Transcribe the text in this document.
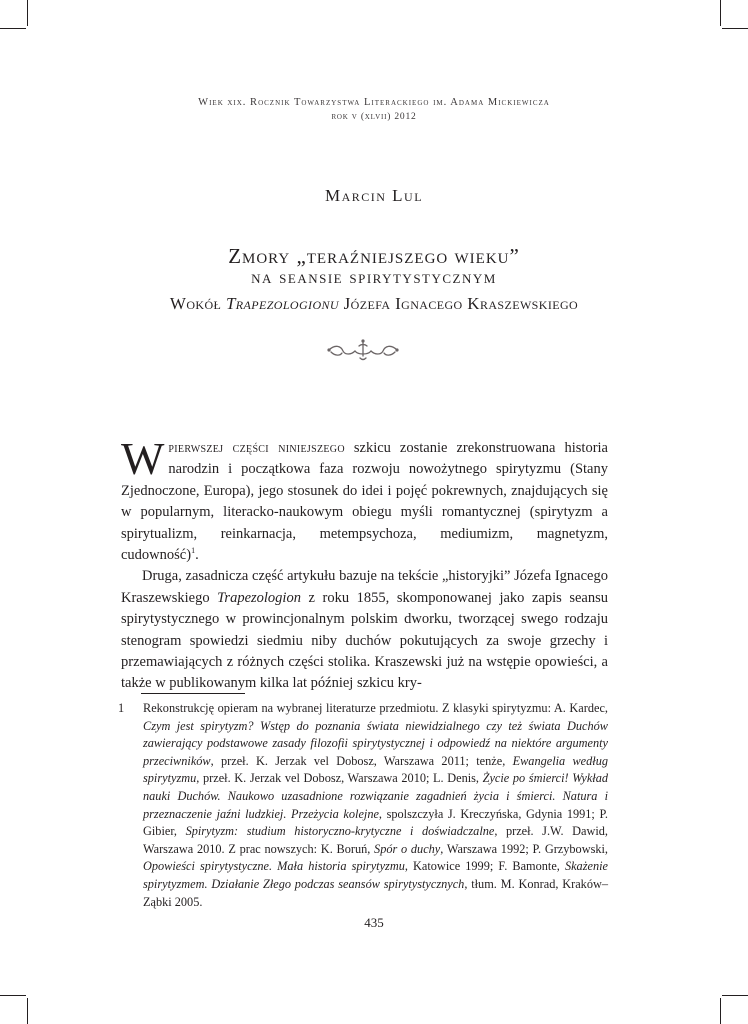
Wiek xix. Rocznik Towarzystwa Literackiego im. Adama Mickiewicza
rok v (xlvii) 2012
Marcin Lul
Zmory „teraźniejszego wieku”
na seansie spirytystycznym
Wokół Trapezologionu Józefa Ignacego Kraszewskiego

Wpierwszej części niniejszego szkicu zostanie zrekonstruowana historia narodzin i początkowa faza rozwoju nowożytnego spirytyzmu (Stany Zjednoczone, Europa), jego stosunek do idei i pojęć pokrewnych, znajdujących się w popularnym, literacko-naukowym obiegu myśli romantycznej (spirytyzm a spirytualizm, reinkarnacja, metempsychoza, mediumizm, magnetyzm, cudowność)$^1$.

Druga, zasadnicza część artykułu bazuje na tekście „historyjki” Józefa Ignacego Kraszewskiego Trapezologion z roku 1855, skomponowanej jako zapis seansu spirytystycznego w prowincjonalnym polskim dworku, tworzącej swego rodzaju stenogram spowiedzi siedmiu niby duchów pokutujących za swoje grzechy i przemawiających z różnych części stolika. Kraszewski już na wstępie opowieści, a także w publikowanym kilka lat później szkicu kry-

1 Rekonstrukcję opieram na wybranej literaturze przedmiotu. Z klasyki spirytyzmu: A. Kardec, Czym jest spirytyzm? Wstęp do poznania świata niewidzialnego czy też świata Duchów zawierający podstawowe zasady filozofii spirytystycznej i odpowiedź na niektóre argumenty przeciwników, przeł. K. Jerzak vel Dobosz, Warszawa 2011; tenże, Ewangelia według spirytyzmu, przeł. K. Jerzak vel Dobosz, Warszawa 2010; L. Denis, Życie po śmierci! Wykład nauki Duchów. Naukowo uzasadnione rozwiązanie zagadnień życia i śmierci. Natura i przeznaczenie jaźni ludzkiej. Przeżycia kolejne, spolszczyła J. Kreczyńska, Gdynia 1991; P. Gibier, Spirytyzm: studium historyczno-krytyczne i doświadczalne, przeł. J.W. Dawid, Warszawa 2010. Z prac nowszych: K. Boruń, Spór o duchy, Warszawa 1992; P. Grzybowski, Opowieści spirytystyczne. Mała historia spirytyzmu, Katowice 1999; F. Bamonte, Skażenie spirytyzmem. Działanie Złego podczas seansów spirytystycznych, tłum. M. Konrad, Kraków–Ząbki 2005.
435
